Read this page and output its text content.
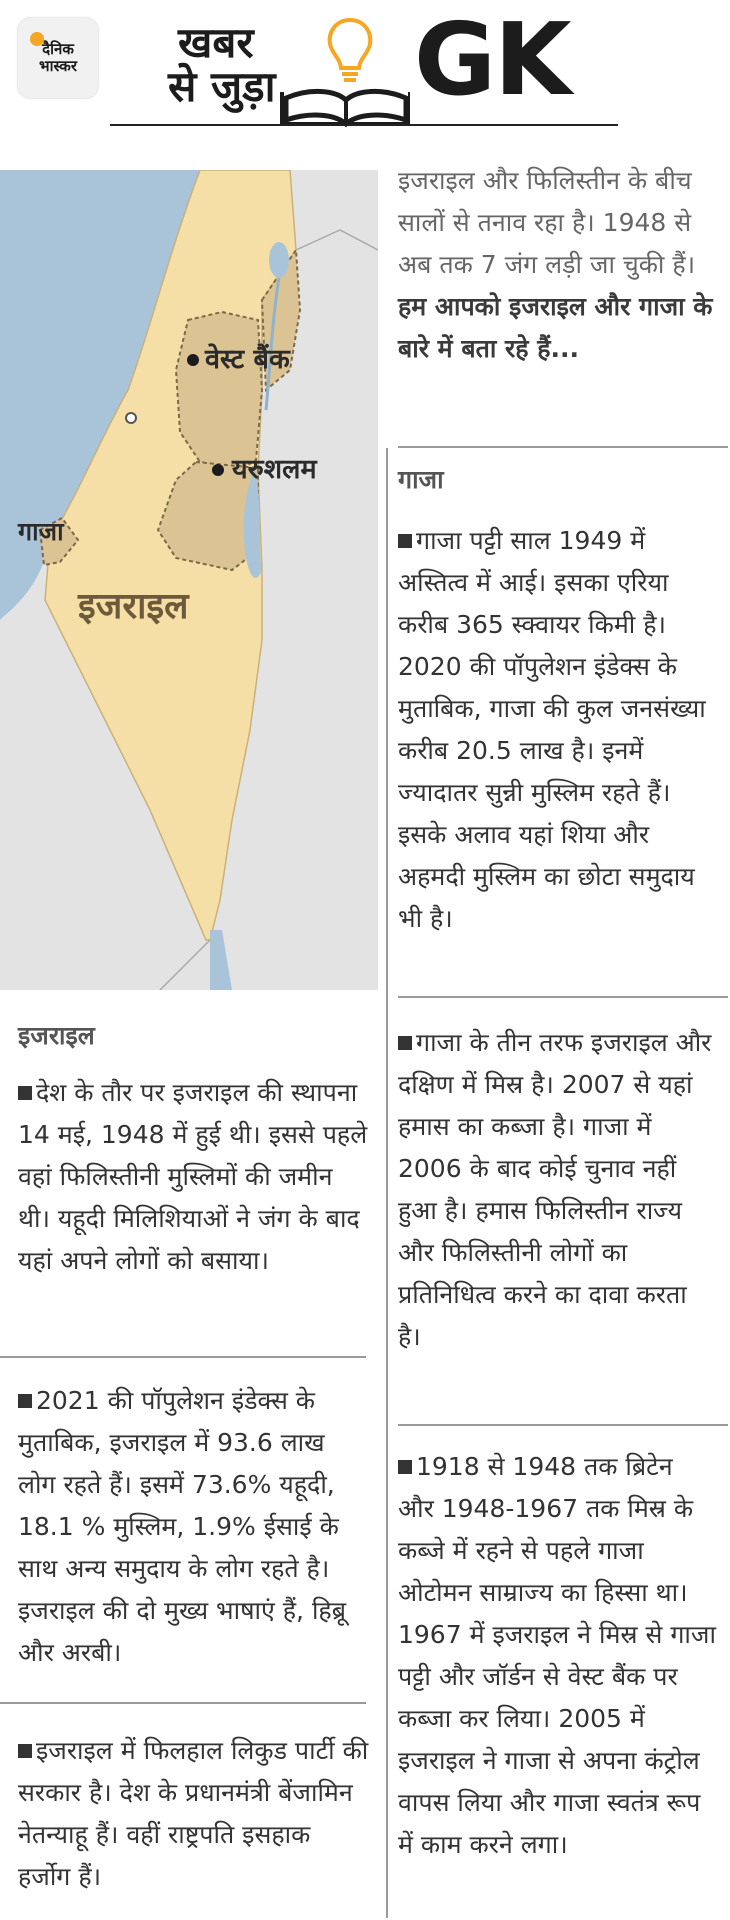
दैनिक
भास्कर खबर
से जुड़ा GK
वेस्ट बैंक
यरुशलम
गाजा
इजराइल
इजराइल और फिलिस्तीन के बीच सालों से तनाव रहा है। 1948 से अब तक 7 जंग लड़ी जा चुकी हैं। हम आपको इजराइल और गाजा के बारे में बता रहे हैं...
गाजा
गाजा पट्टी साल 1949 में अस्तित्व में आई। इसका एरिया करीब 365 स्क्वायर किमी है। 2020 की पॉपुलेशन इंडेक्स के मुताबिक, गाजा की कुल जनसंख्या करीब 20.5 लाख है। इनमें ज्यादातर सुन्नी मुस्लिम रहते हैं। इसके अलाव यहां शिया और अहमदी मुस्लिम का छोटा समुदाय भी है।
गाजा के तीन तरफ इजराइल और दक्षिण में मिस्र है। 2007 से यहां हमास का कब्जा है। गाजा में 2006 के बाद कोई चुनाव नहीं हुआ है। हमास फिलिस्तीन राज्य और फिलिस्तीनी लोगों का प्रतिनिधित्व करने का दावा करता है।
1918 से 1948 तक ब्रिटेन और 1948-1967 तक मिस्र के कब्जे में रहने से पहले गाजा ओटोमन साम्राज्य का हिस्सा था। 1967 में इजराइल ने मिस्र से गाजा पट्टी और जॉर्डन से वेस्ट बैंक पर कब्जा कर लिया। 2005 में इजराइल ने गाजा से अपना कंट्रोल वापस लिया और गाजा स्वतंत्र रूप में काम करने लगा।
इजराइल
देश के तौर पर इजराइल की स्थापना 14 मई, 1948 में हुई थी। इससे पहले वहां फिलिस्तीनी मुस्लिमों की जमीन थी। यहूदी मिलिशियाओं ने जंग के बाद यहां अपने लोगों को बसाया।
2021 की पॉपुलेशन इंडेक्स के मुताबिक, इजराइल में 93.6 लाख लोग रहते हैं। इसमें 73.6% यहूदी, 18.1 % मुस्लिम, 1.9% ईसाई के साथ अन्य समुदाय के लोग रहते है। इजराइल की दो मुख्य भाषाएं हैं, हिब्रू और अरबी।
इजराइल में फिलहाल लिकुड पार्टी की सरकार है। देश के प्रधानमंत्री बेंजामिन नेतन्याहू हैं। वहीं राष्ट्रपति इसहाक हर्जोग हैं।
